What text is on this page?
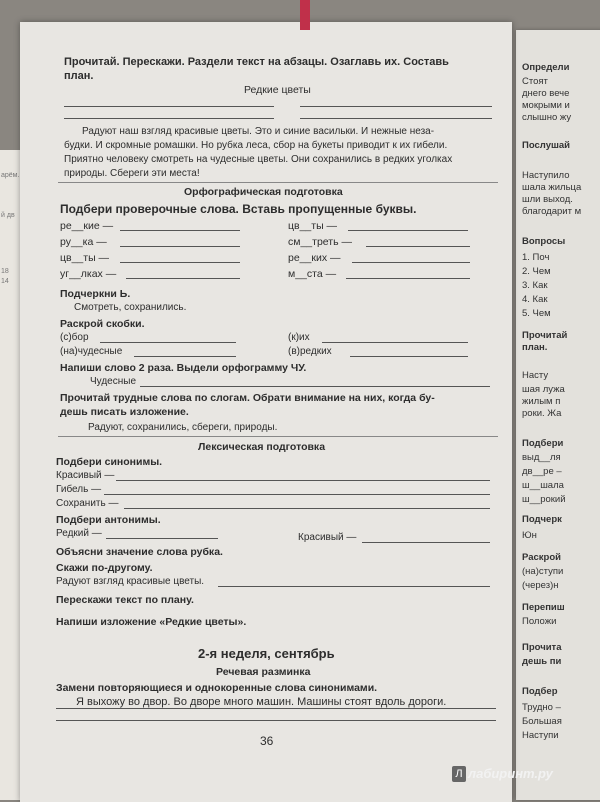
арём.
й дв
18
14
Определи
Стоят
днего вече
мокрыми и
слышно жу
Послушай
Наступило
шала жильца
шли выход.
благодарит м
Вопросы
1. Поч
2. Чем
3. Как
4. Как
5. Чем
Прочитай
план.
Насту
шая лужа
жилым п
роки. Жа
Подбери
выд__ля
дв__ре –
ш__шала
ш__рокий
Подчерк
Юн
Раскрой
(на)ступи
(через)н
Перепиш
Положи
Прочита
дешь пи
Подбер
Трудно –
Большая
Наступи
Прочитай. Перескажи. Раздели текст на абзацы. Озаглавь их. Составь
план.
Редкие цветы
Радуют наш взгляд красивые цветы. Это и синие васильки. И нежные неза-
будки. И скромные ромашки. Но рубка леса, сбор на букеты приводит к их гибели.
Приятно человеку смотреть на чудесные цветы. Они сохранились в редких уголках
природы. Сбереги эти места!
Орфографическая подготовка
Подбери проверочные слова. Вставь пропущенные буквы.
ре__кие —	цв__ты —
ру__ка —	см__треть —
цв__ты —	ре__ких —
уг__лках —	м__ста —
Подчеркни Ь.
Смотреть, сохранились.
Раскрой скобки.
(с)бор	(к)их
(на)чудесные	(в)редких
Напиши слово 2 раза. Выдели орфограмму ЧУ.
Чудесные
Прочитай трудные слова по слогам. Обрати внимание на них, когда бу-
дешь писать изложение.
Радуют, сохранились, сбереги, природы.
Лексическая подготовка
Подбери синонимы.
Красивый —
Гибель —
Сохранить —
Подбери антонимы.
Редкий —	Красивый —
Объясни значение слова рубка.
Скажи по-другому.
Радуют взгляд красивые цветы.
Перескажи текст по плану.
Напиши изложение «Редкие цветы».
2-я неделя, сентябрь
Речевая разминка
Замени повторяющиеся и однокоренные слова синонимами.
Я выхожу во двор. Во дворе много машин. Машины стоят вдоль дороги.
36
Л лабиринт.ру
